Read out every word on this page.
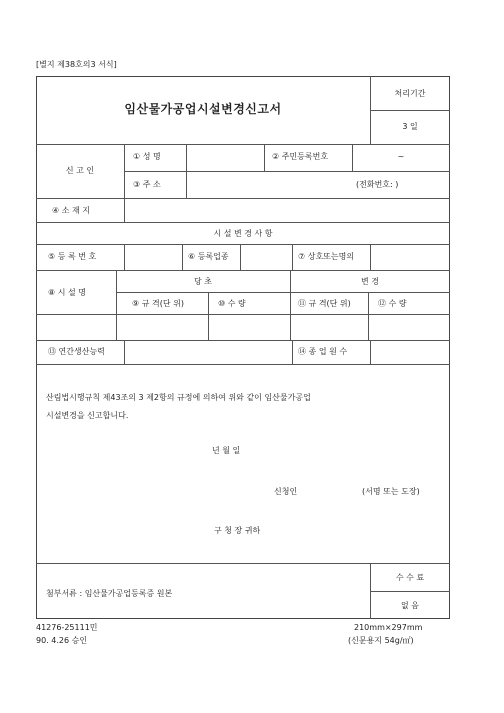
[별지 제38호의3 서식]
임산물가공업시설변경신고서
처리기간
3 일
신 고 인
① 성 명	② 주민등록번호	~
③ 주 소	(전화번호: )
④ 소 재 지
시 설 변 경 사 항
⑤ 등 록 번 호	⑥ 등록업종	⑦ 상호또는명의
⑧ 시 설 명
당 초	변 경
⑨ 규 격(단 위)	⑩ 수 량	⑪ 규 격(단 위)	⑫ 수 량
⑬ 연간생산능력	⑭ 종 업 원 수
산림법시행규칙 제43조의 3 제2항의 규정에 의하여 위와 같이 임산물가공업
시설변경을 신고합니다.
년 월 일
신청인	(서명 또는 도장)
구 청 장 귀하
첨부서류 : 임산물가공업등록증 원본
수 수 료
없 음
41276-25111민	210mm×297mm
90. 4.26 승인	(신문용지 54g/㎡)
